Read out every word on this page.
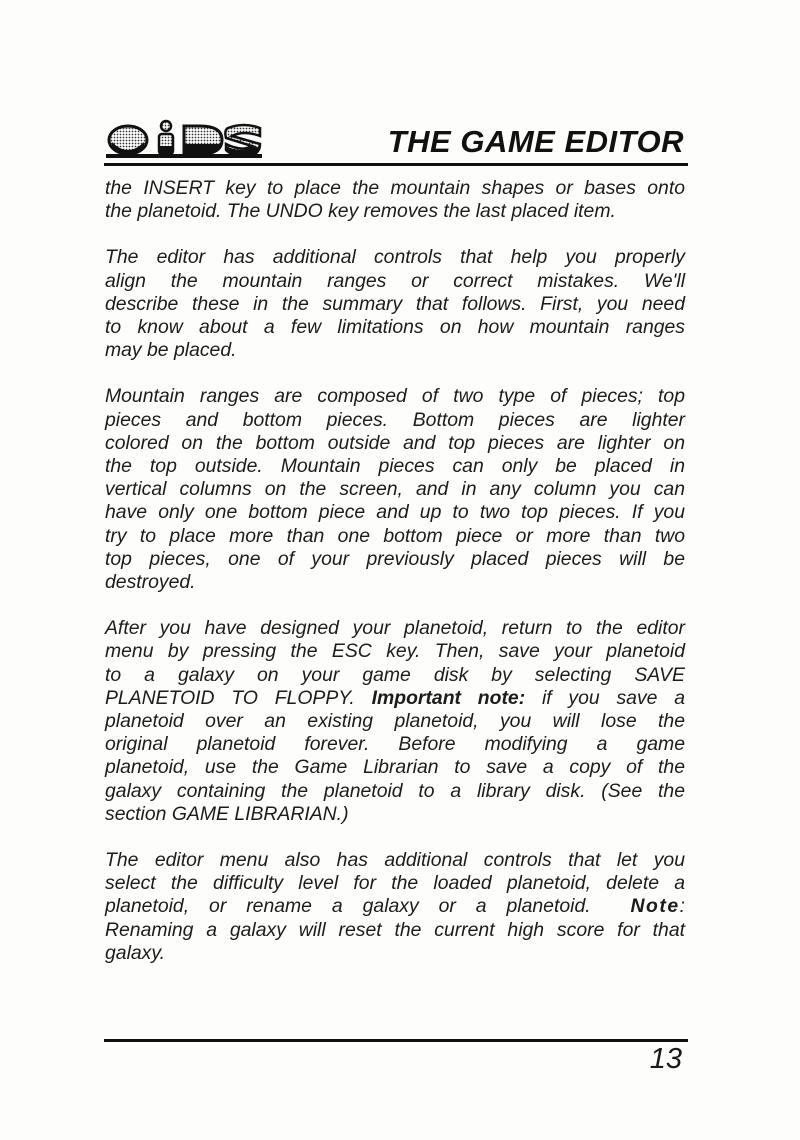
THE GAME EDITOR

the INSERT key to place the mountain shapes or bases onto
the planetoid. The UNDO key removes the last placed item.

The editor has additional controls that help you properly
align the mountain ranges or correct mistakes. We'll
describe these in the summary that follows. First, you need
to know about a few limitations on how mountain ranges
may be placed.

Mountain ranges are composed of two type of pieces; top
pieces and bottom pieces. Bottom pieces are lighter
colored on the bottom outside and top pieces are lighter on
the top outside. Mountain pieces can only be placed in
vertical columns on the screen, and in any column you can
have only one bottom piece and up to two top pieces. If you
try to place more than one bottom piece or more than two
top pieces, one of your previously placed pieces will be
destroyed.

After you have designed your planetoid, return to the editor
menu by pressing the ESC key. Then, save your planetoid
to a galaxy on your game disk by selecting SAVE
PLANETOID TO FLOPPY. Important note: if you save a
planetoid over an existing planetoid, you will lose the
original planetoid forever. Before modifying a game
planetoid, use the Game Librarian to save a copy of the
galaxy containing the planetoid to a library disk. (See the
section GAME LIBRARIAN.)

The editor menu also has additional controls that let you
select the difficulty level for the loaded planetoid, delete a
planetoid, or rename a galaxy or a planetoid. Note:
Renaming a galaxy will reset the current high score for that
galaxy.

13
